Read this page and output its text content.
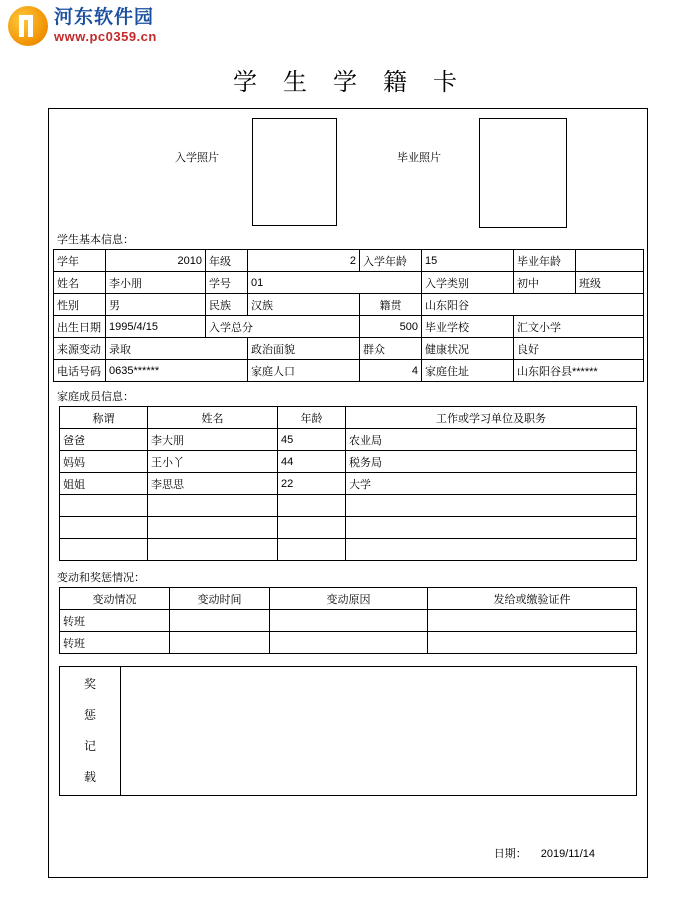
河东软件园
www.pc0359.cn
学 生 学 籍 卡
入学照片	毕业照片
学生基本信息：
学年	2010	年级	2	入学年龄	15	毕业年龄		
姓名	李小朋	学号	01		入学类别	初中	班级	
性别	男	民族	汉族	籍贯	山东阳谷			
出生日期	1995/4/15	入学总分		500	毕业学校	汇文小学		
来源变动	录取		政治面貌	群众	健康状况	良好		
电话号码	0635******		家庭人口	4	家庭住址	山东阳谷县******		
家庭成员信息：
称谓	姓名	年龄	工作或学习单位及职务
爸爸	李大朋	45	农业局
妈妈	王小丫	44	税务局
姐姐	李思思	22	大学

变动和奖惩情况：
变动情况	变动时间	变动原因	发给或缴验证件
转班			
转班			
奖
惩
记
载

日期： 2019/11/14
